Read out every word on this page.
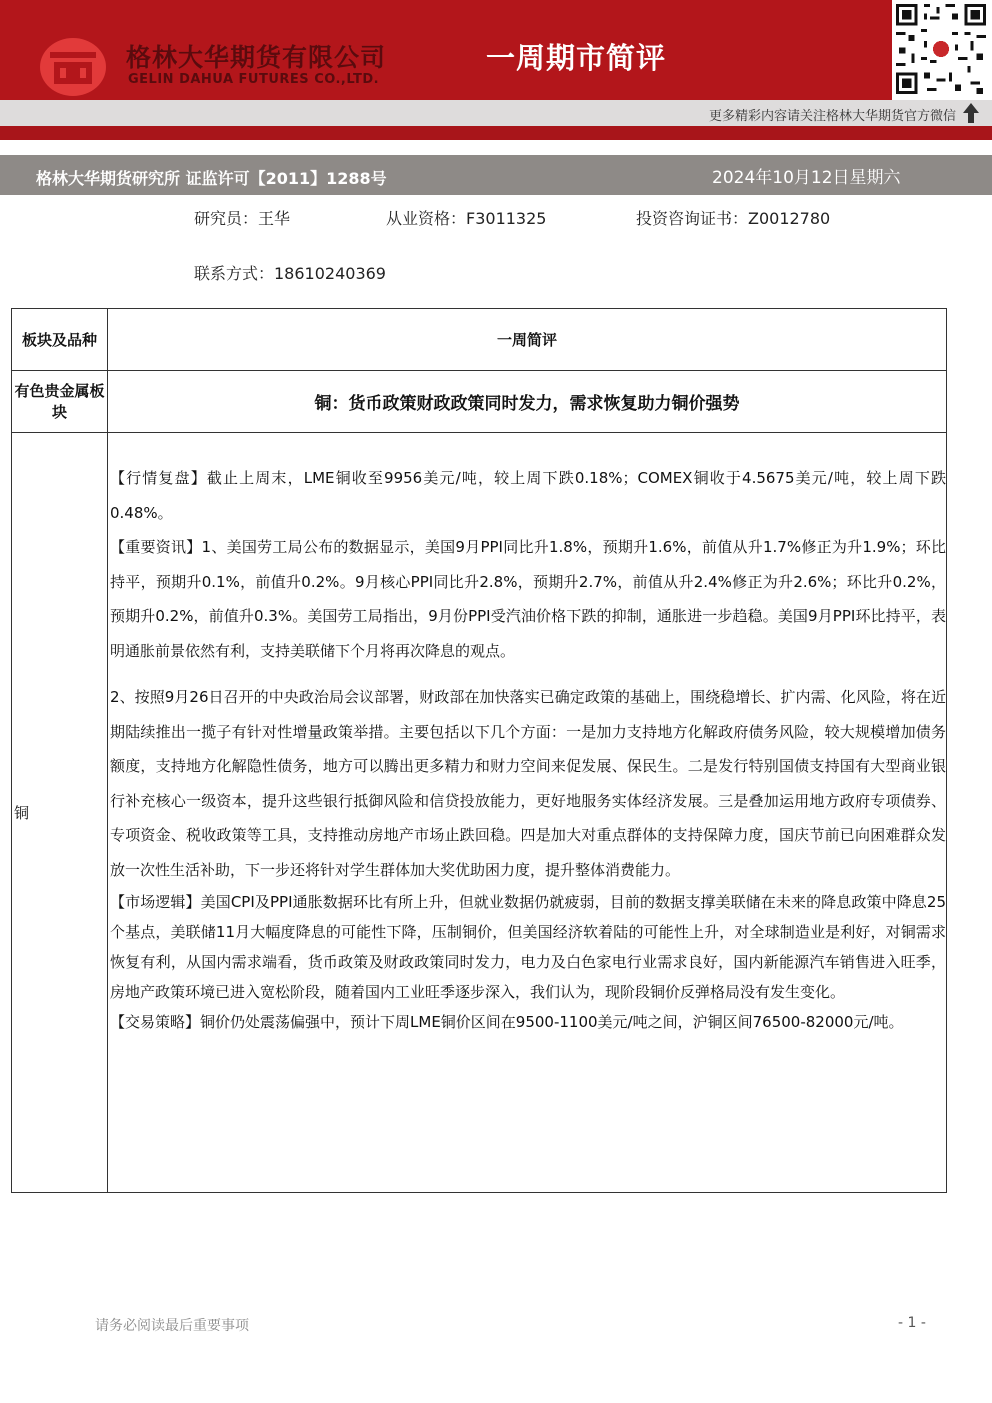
格林大华期货有限公司
GELIN DAHUA FUTURES CO.,LTD.
一周期市简评
更多精彩内容请关注格林大华期货官方微信
格林大华期货研究所 证监许可【2011】1288号	2024年10月12日星期六
研究员：王华	从业资格：F3011325	投资咨询证书：Z0012780
联系方式：18610240369
板块及品种	一周简评

有色贵金属板块	铜：货币政策财政政策同时发力，需求恢复助力铜价强势
铜	【行情复盘】截止上周末，LME铜收至9956美元/吨，较上周下跌0.18%；COMEX铜收于4.5675美元/吨，较上周下跌0.48%。

【重要资讯】1、美国劳工局公布的数据显示，美国9月PPI同比升1.8%，预期升1.6%，前值从升1.7%修正为升1.9%；环比持平，预期升0.1%，前值升0.2%。9月核心PPI同比升2.8%，预期升2.7%，前值从升2.4%修正为升2.6%；环比升0.2%，预期升0.2%，前值升0.3%。美国劳工局指出，9月份PPI受汽油价格下跌的抑制，通胀进一步趋稳。美国9月PPI环比持平，表明通胀前景依然有利，支持美联储下个月将再次降息的观点。

2、按照9月26日召开的中央政治局会议部署，财政部在加快落实已确定政策的基础上，围绕稳增长、扩内需、化风险，将在近期陆续推出一揽子有针对性增量政策举措。主要包括以下几个方面：一是加力支持地方化解政府债务风险，较大规模增加债务额度，支持地方化解隐性债务，地方可以腾出更多精力和财力空间来促发展、保民生。二是发行特别国债支持国有大型商业银行补充核心一级资本，提升这些银行抵御风险和信贷投放能力，更好地服务实体经济发展。三是叠加运用地方政府专项债券、专项资金、税收政策等工具，支持推动房地产市场止跌回稳。四是加大对重点群体的支持保障力度，国庆节前已向困难群众发放一次性生活补助，下一步还将针对学生群体加大奖优助困力度，提升整体消费能力。

【市场逻辑】美国CPI及PPI通胀数据环比有所上升，但就业数据仍就疲弱，目前的数据支撑美联储在未来的降息政策中降息25个基点，美联储11月大幅度降息的可能性下降，压制铜价，但美国经济软着陆的可能性上升，对全球制造业是利好，对铜需求恢复有利，从国内需求端看，货币政策及财政政策同时发力，电力及白色家电行业需求良好，国内新能源汽车销售进入旺季，房地产政策环境已进入宽松阶段，随着国内工业旺季逐步深入，我们认为，现阶段铜价反弹格局没有发生变化。

【交易策略】铜价仍处震荡偏强中，预计下周LME铜价区间在9500-1100美元/吨之间，沪铜区间76500-82000元/吨。

请务必阅读最后重要事项	- 1 -
